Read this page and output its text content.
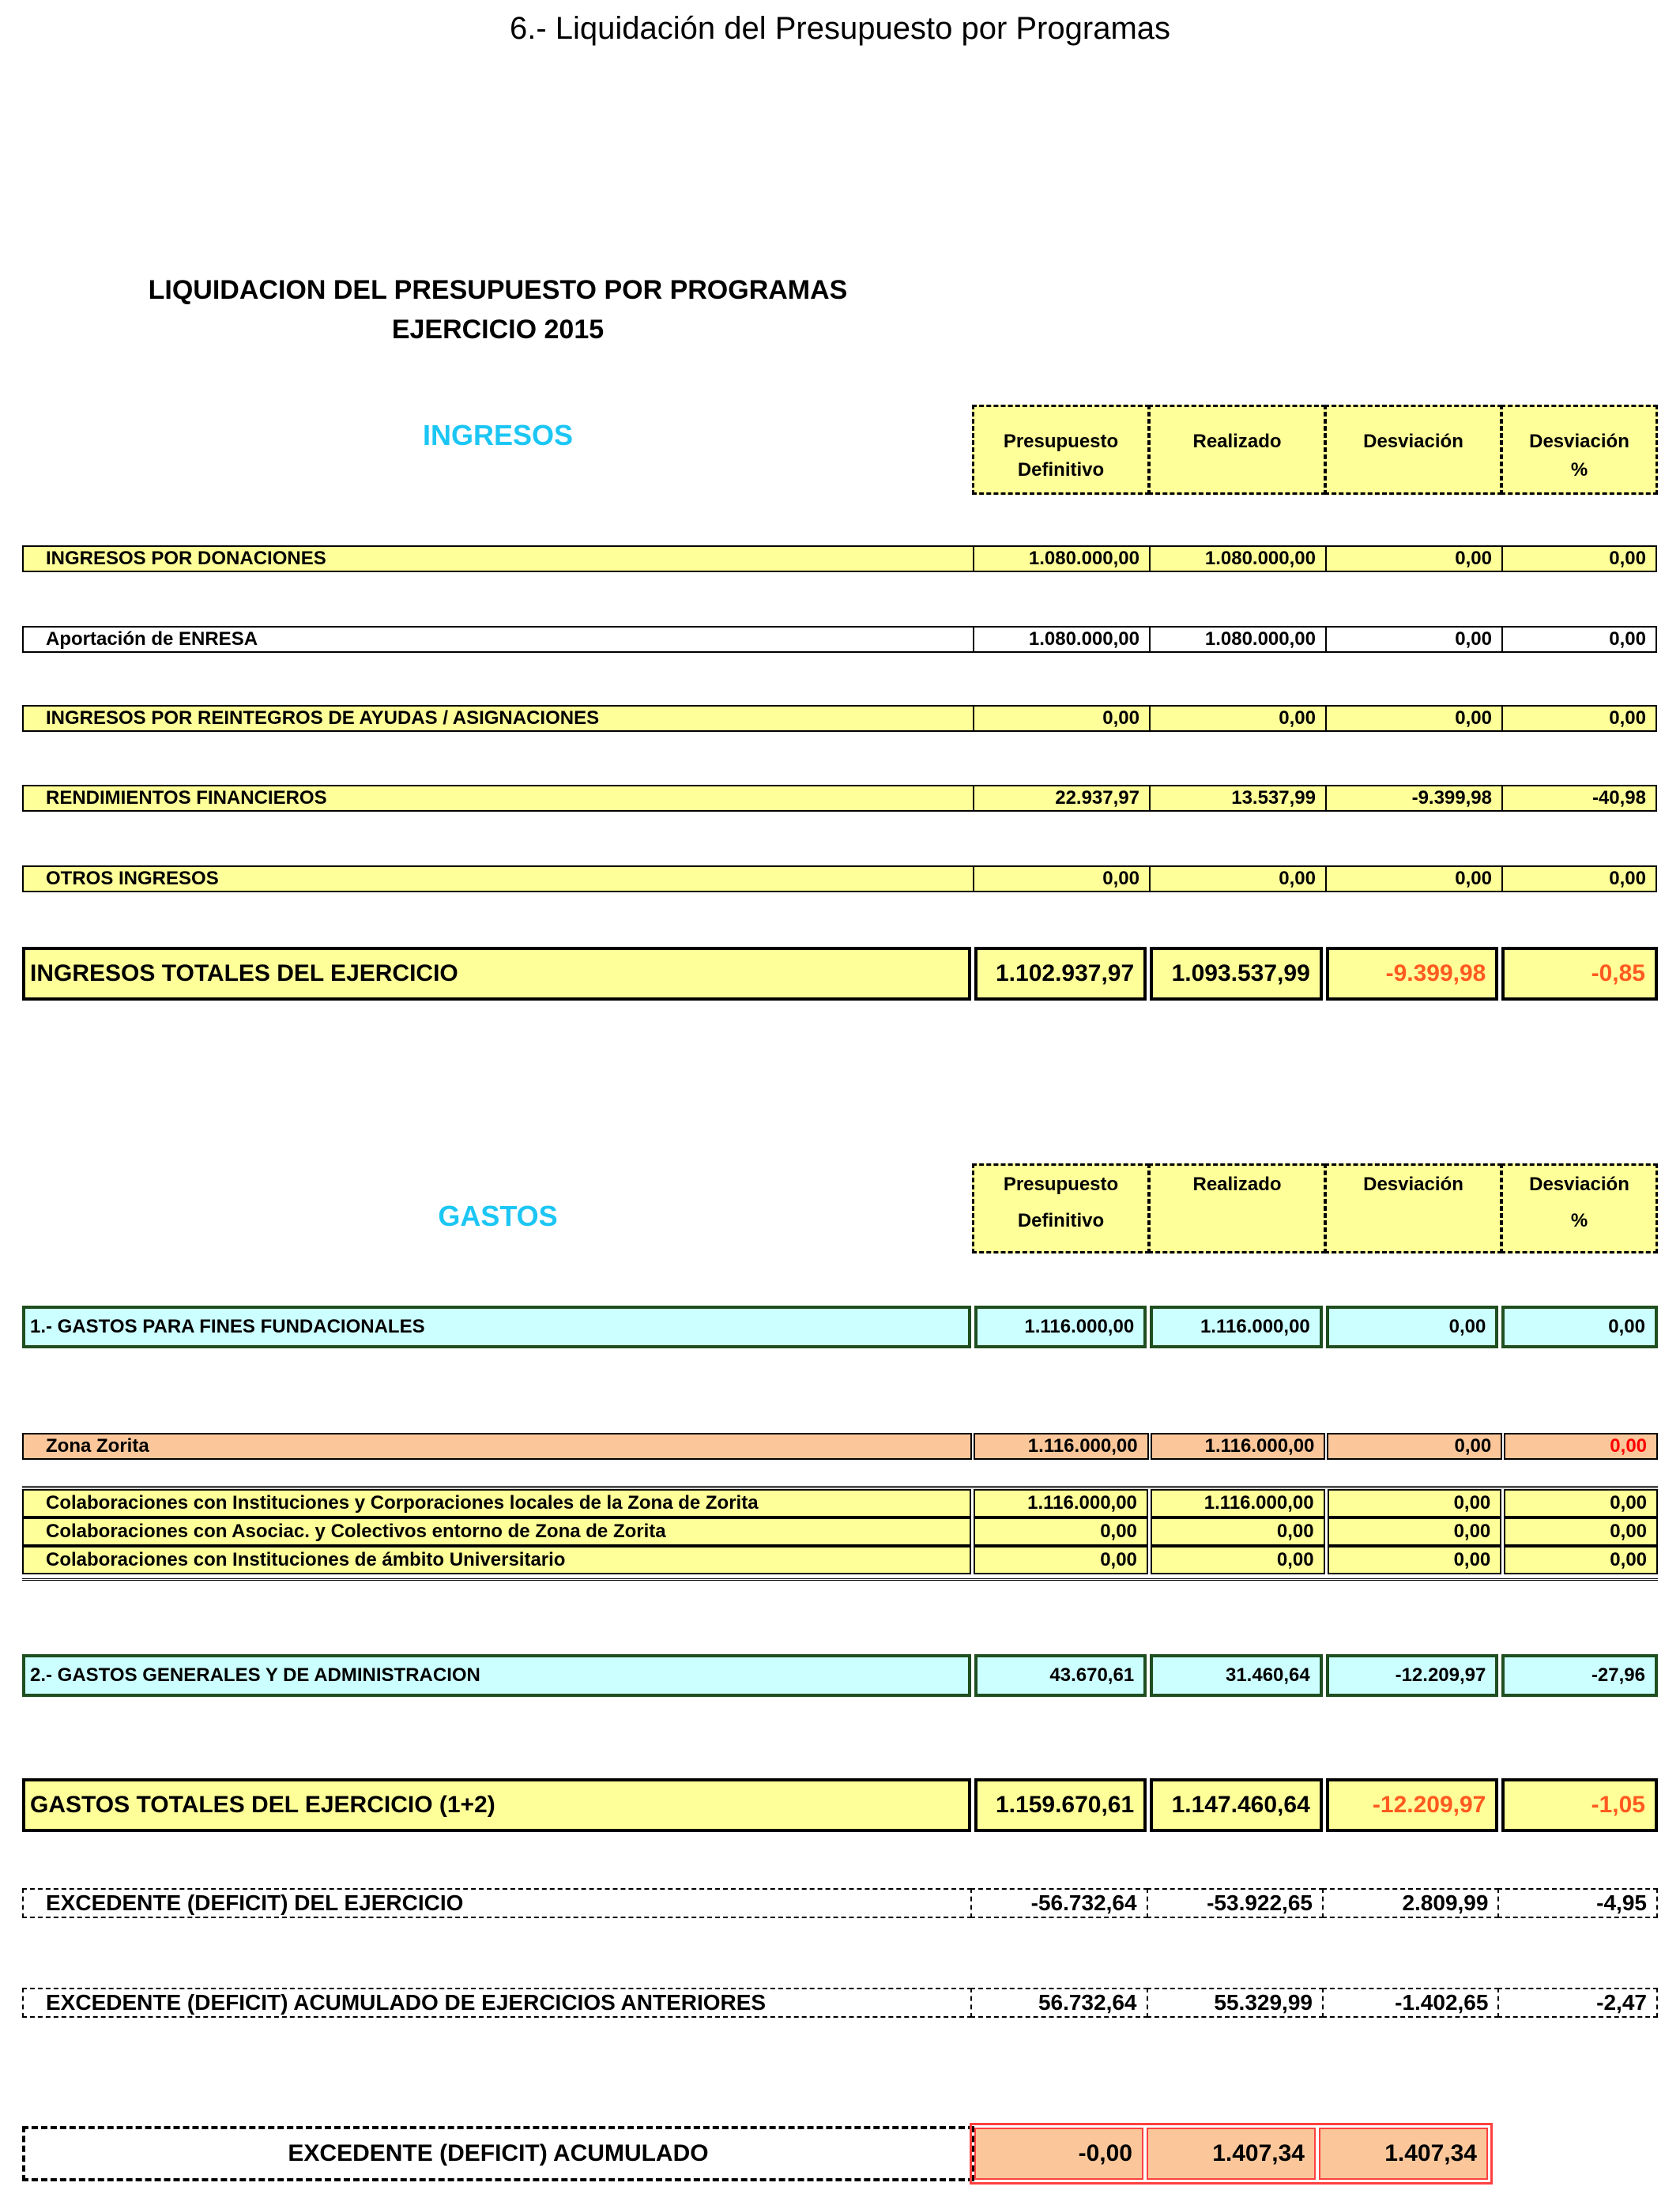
6.- Liquidación del Presupuesto por Programas
LIQUIDACION DEL PRESUPUESTO POR PROGRAMAS
EJERCICIO 2015
INGRESOS	Presupuesto
Definitivo
Realizado	Desviación	Desviación
%
INGRESOS POR DONACIONES	1.080.000,00	1.080.000,00	0,00	0,00
Aportación de ENRESA	1.080.000,00	1.080.000,00	0,00	0,00
INGRESOS POR REINTEGROS DE AYUDAS / ASIGNACIONES	0,00	0,00	0,00	0,00
RENDIMIENTOS FINANCIEROS	22.937,97	13.537,99	-9.399,98	-40,98
OTROS INGRESOS	0,00	0,00	0,00	0,00
INGRESOS TOTALES DEL EJERCICIO	1.102.937,97	1.093.537,99	-9.399,98	-0,85
GASTOS
Presupuesto
Definitivo
Realizado	Desviación	Desviación
%
1.- GASTOS PARA FINES FUNDACIONALES	1.116.000,00	1.116.000,00	0,00	0,00
Zona Zorita	1.116.000,00	1.116.000,00	0,00	0,00
Colaboraciones con Instituciones y Corporaciones locales de la Zona de Zorita	1.116.000,00	1.116.000,00	0,00	0,00
Colaboraciones con Asociac. y Colectivos entorno de Zona de Zorita	0,00	0,00	0,00	0,00
Colaboraciones con Instituciones de ámbito Universitario	0,00	0,00	0,00	0,00
2.- GASTOS GENERALES Y DE ADMINISTRACION	43.670,61	31.460,64	-12.209,97	-27,96
GASTOS TOTALES DEL EJERCICIO (1+2)	1.159.670,61	1.147.460,64	-12.209,97	-1,05
EXCEDENTE (DEFICIT) DEL EJERCICIO	-56.732,64	-53.922,65	2.809,99	-4,95
EXCEDENTE (DEFICIT) ACUMULADO DE EJERCICIOS ANTERIORES	56.732,64	55.329,99	-1.402,65	-2,47
EXCEDENTE (DEFICIT) ACUMULADO	-0,00	1.407,34	1.407,34
